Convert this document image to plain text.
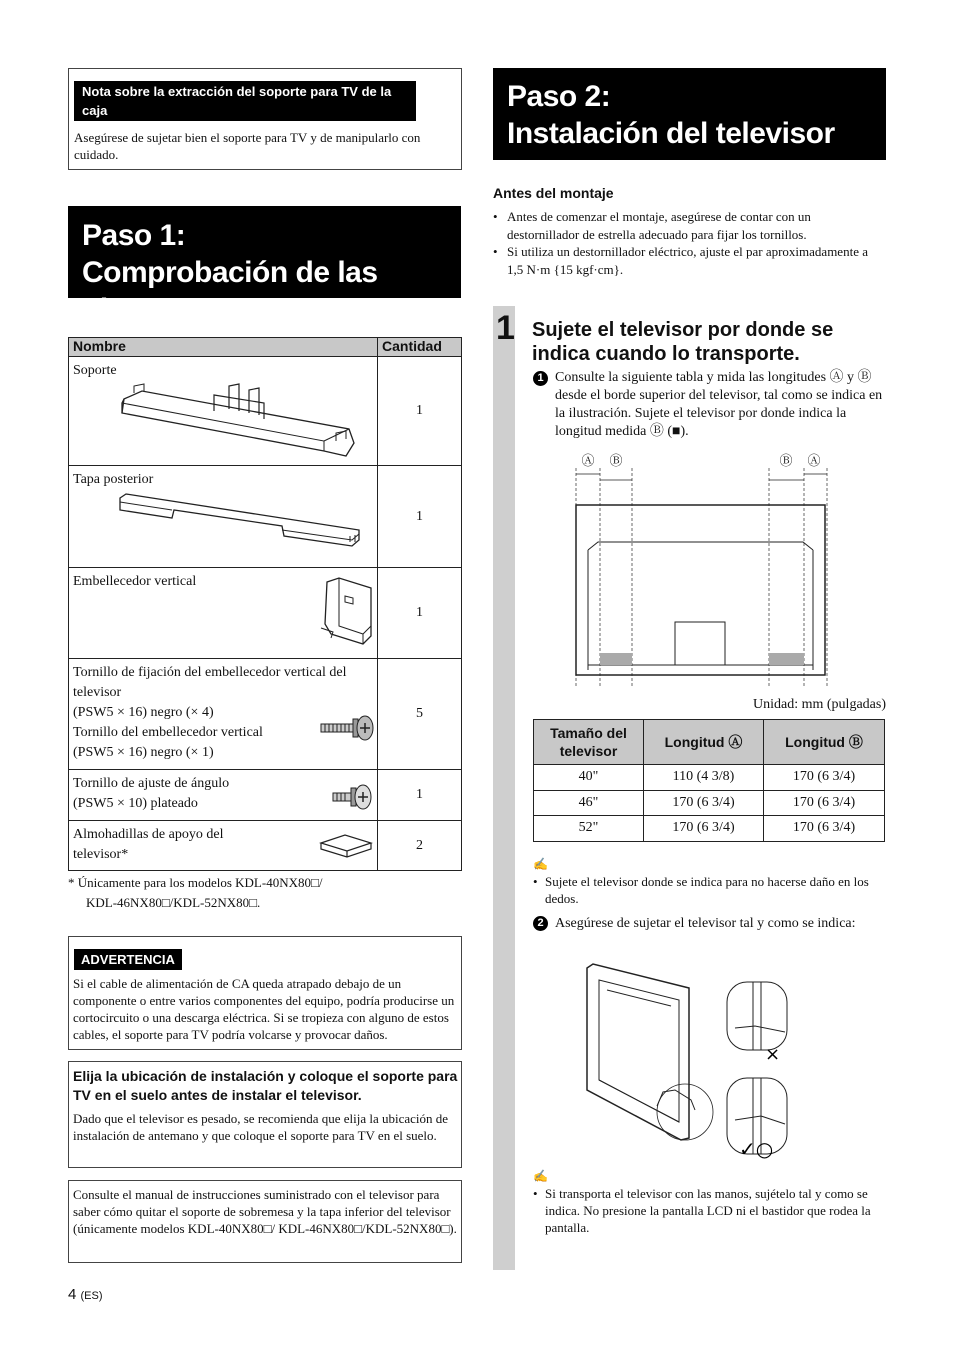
Nota sobre la extracción del soporte para TV de la caja
Asegúrese de sujetar bien el soporte para TV y de manipularlo con cuidado.
Paso 1:
Comprobación de las piezas
Nombre	Cantidad
Soporte	1
Tapa posterior	1
Embellecedor vertical	1

Tornillo de fijación del embellecedor vertical del televisor
(PSW5 × 16) negro (× 4)
Tornillo del embellecedor vertical
(PSW5 × 16) negro (× 1)	5

Tornillo de ajuste de ángulo
(PSW5 × 10) plateado	1

Almohadillas de apoyo del
televisor*	2
* Únicamente para los modelos KDL-40NX80□/
KDL-46NX80□/KDL-52NX80□.
ADVERTENCIA
Si el cable de alimentación de CA queda atrapado debajo de un componente o entre varios componentes del equipo, podría producirse un cortocircuito o una descarga eléctrica. Si se tropieza con alguno de estos cables, el soporte para TV podría volcarse y provocar daños.
Elija la ubicación de instalación y coloque el soporte para TV en el suelo antes de instalar el televisor.
Dado que el televisor es pesado, se recomienda que elija la ubicación de instalación de antemano y que coloque el soporte para TV en el suelo.
Consulte el manual de instrucciones suministrado con el televisor para saber cómo quitar el soporte de sobremesa y la tapa inferior del televisor (únicamente modelos KDL-40NX80□/ KDL-46NX80□/KDL-52NX80□).
4 (ES)
Paso 2:
Instalación del televisor
Antes del montaje
• Antes de comenzar el montaje, asegúrese de contar con un destornillador de estrella adecuado para fijar los tornillos.
• Si utiliza un destornillador eléctrico, ajuste el par aproximadamente a 1,5 N·m {15 kgf·cm}.
1 Sujete el televisor por donde se indica cuando lo transporte.
1 Consulte la siguiente tabla y mida las longitudes Ⓐ y Ⓑ desde el borde superior del televisor, tal como se indica en la ilustración. Sujete el televisor por donde indica la longitud medida Ⓑ (■).
Ⓐ Ⓑ	Ⓑ Ⓐ
Unidad: mm (pulgadas)
Tamaño del televisor	Longitud Ⓐ	Longitud Ⓑ
40"	110 (4 3/8)	170 (6 3/4)
46"	170 (6 3/4)	170 (6 3/4)
52"	170 (6 3/4)	170 (6 3/4)
✍
• Sujete el televisor donde se indica para no hacerse daño en los dedos.
2 Asegúrese de sujetar el televisor tal y como se indica:
×
✓○
✍
• Si transporta el televisor con las manos, sujételo tal y como se indica. No presione la pantalla LCD ni el bastidor que rodea la pantalla.
